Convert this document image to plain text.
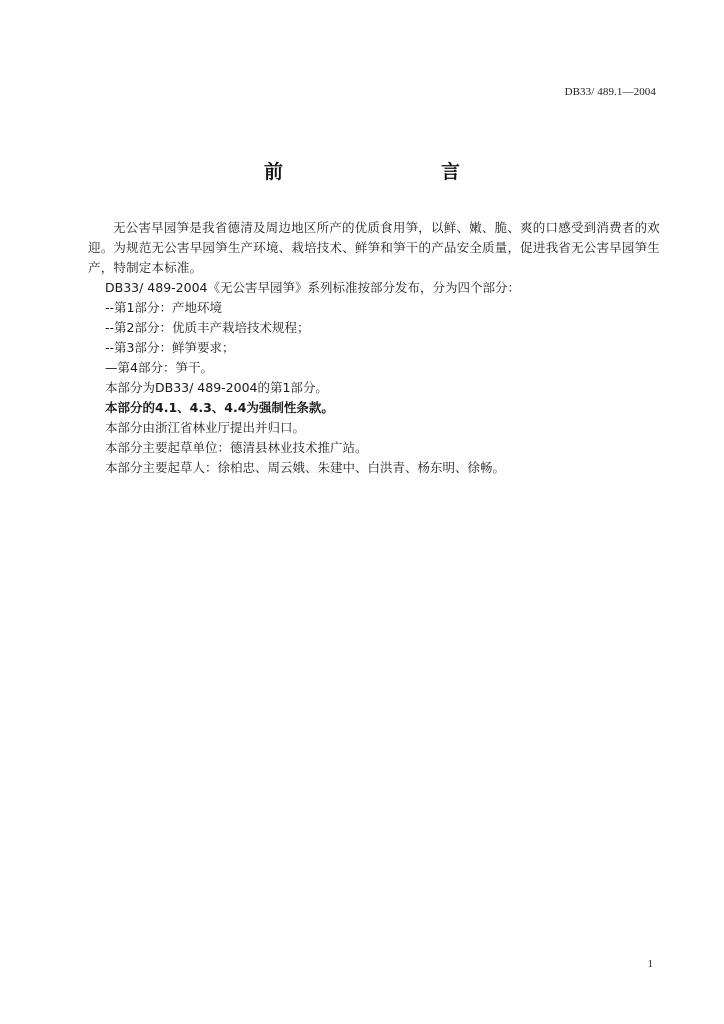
DB33/ 489.1—2004
前　　言

无公害早园笋是我省德清及周边地区所产的优质食用笋，以鲜、嫩、脆、爽的口感受到消费者的欢迎。为规范无公害早园笋生产环境、栽培技术、鲜笋和笋干的产品安全质量，促进我省无公害早园笋生产，特制定本标准。

DB33/ 489-2004《无公害早园笋》系列标准按部分发布，分为四个部分：

--第1部分：产地环境

--第2部分：优质丰产栽培技术规程；

--第3部分：鲜笋要求；

—第4部分：笋干。

本部分为DB33/ 489-2004的第1部分。

本部分的4.1、4.3、4.4为强制性条款。

本部分由浙江省林业厅提出并归口。

本部分主要起草单位：德清县林业技术推广站。

本部分主要起草人：徐柏忠、周云娥、朱建中、白洪青、杨东明、徐畅。

1
